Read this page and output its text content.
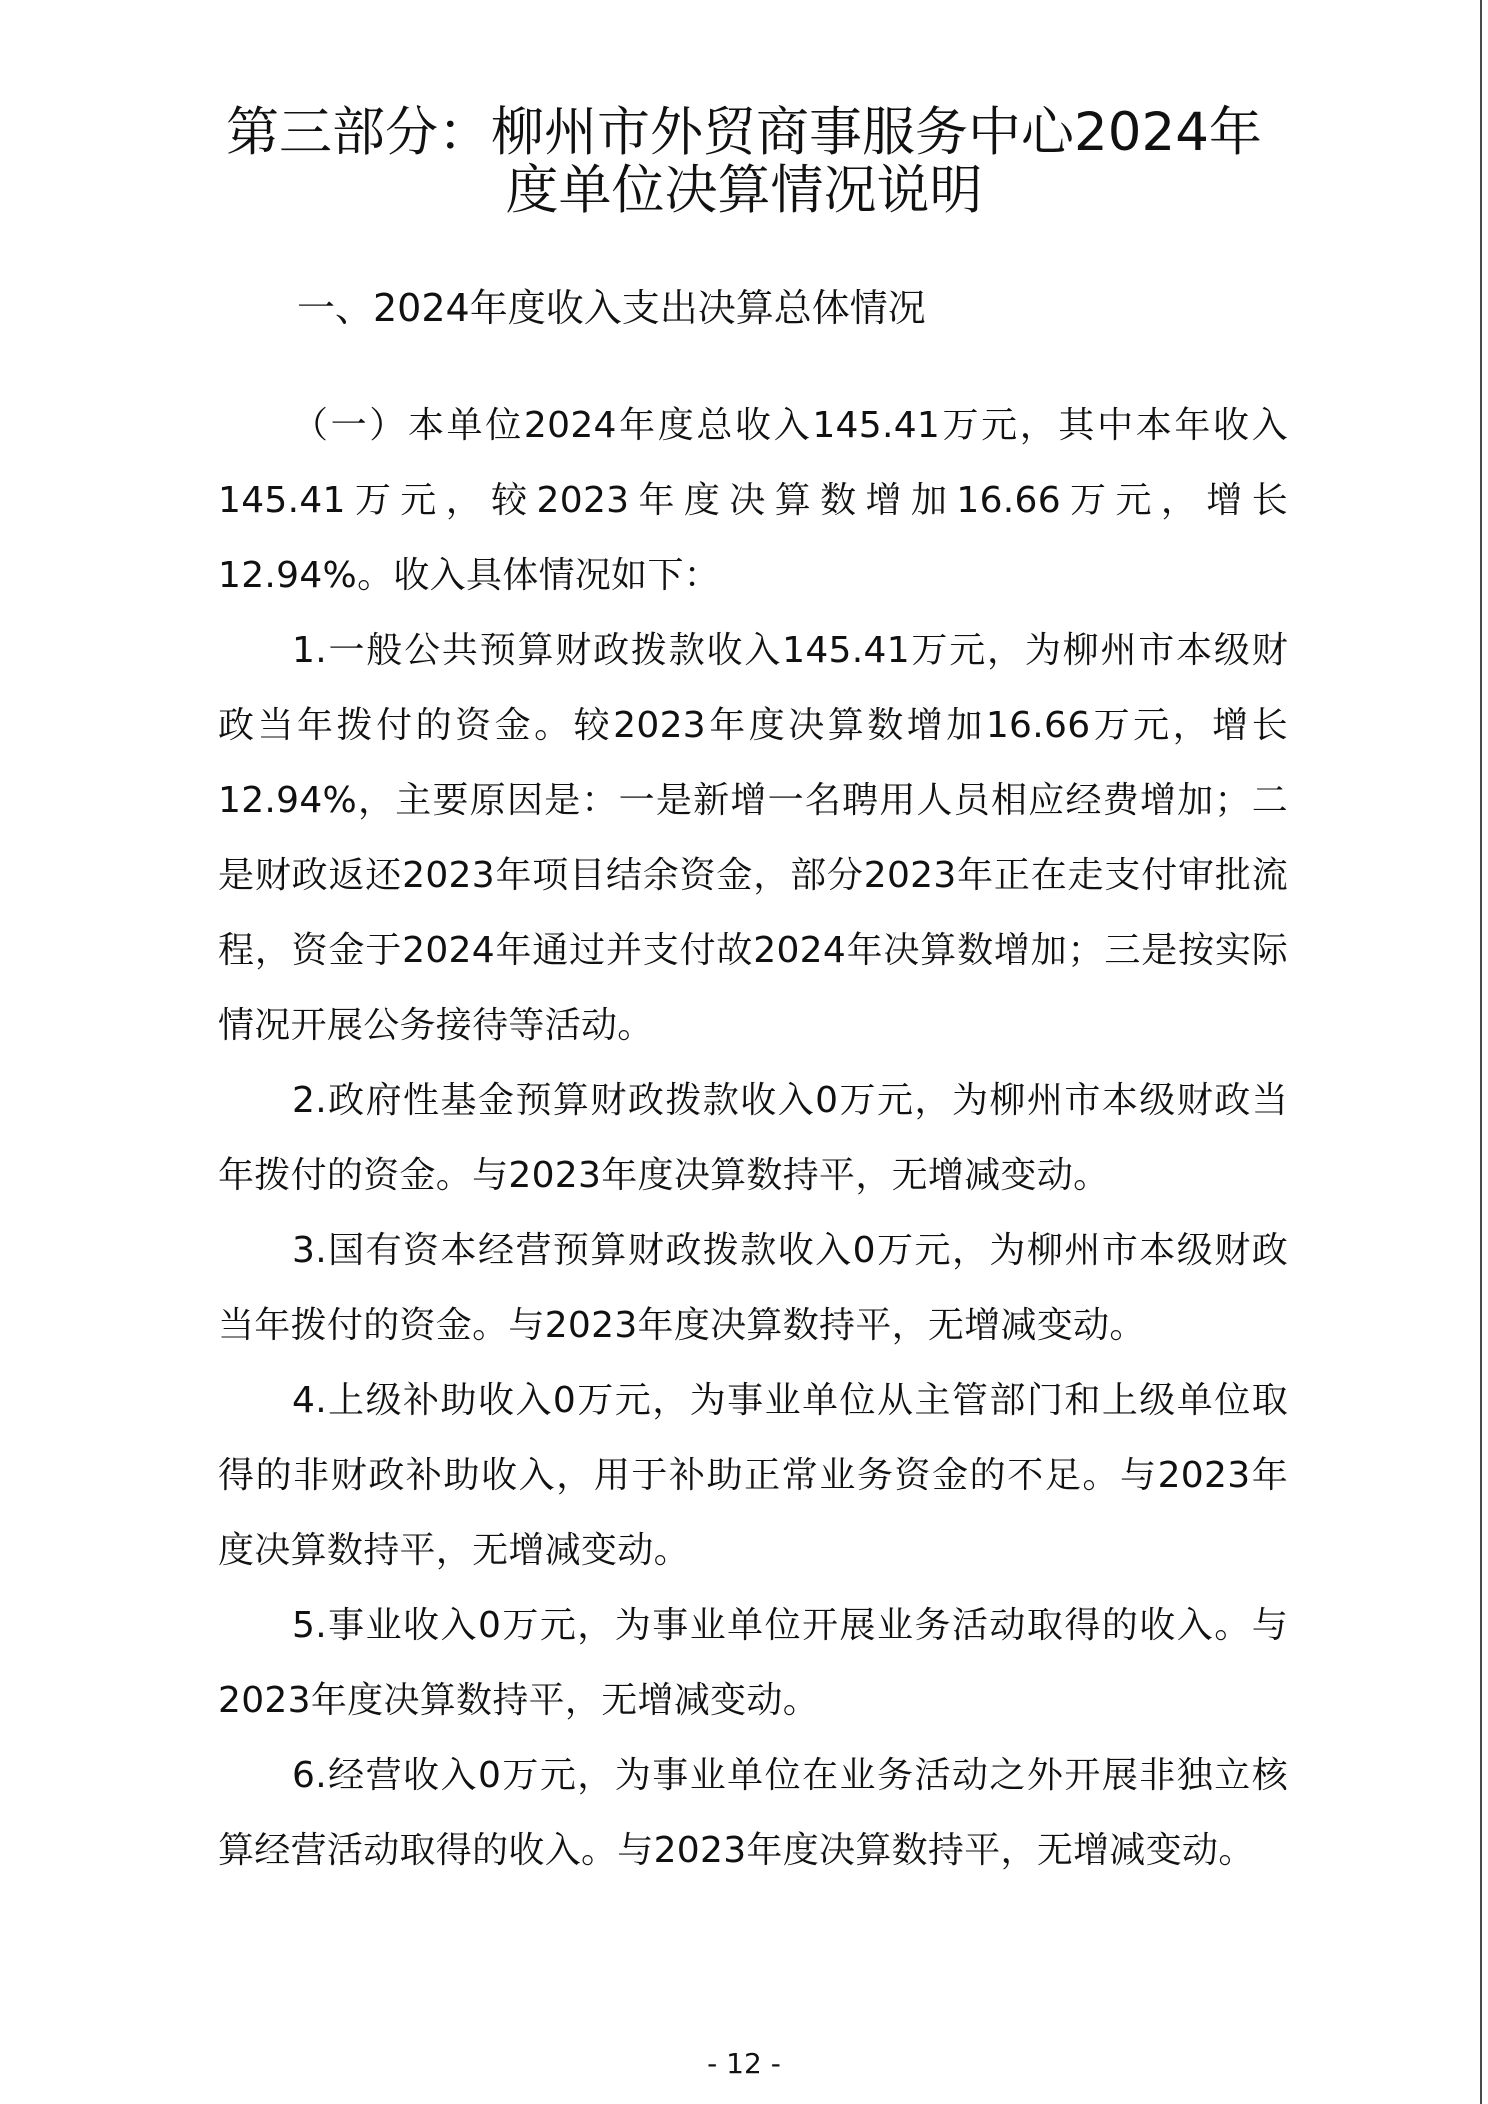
第三部分：柳州市外贸商事服务中心2024年
度单位决算情况说明
一、2024年度收入支出决算总体情况

（一）本单位2024年度总收入145.41万元，其中本年收入145.41万元，较2023年度决算数增加16.66万元，增长12.94%。收入具体情况如下：

1.一般公共预算财政拨款收入145.41万元，为柳州市本级财政当年拨付的资金。较2023年度决算数增加16.66万元，增长12.94%，主要原因是：一是新增一名聘用人员相应经费增加；二是财政返还2023年项目结余资金，部分2023年正在走支付审批流程，资金于2024年通过并支付故2024年决算数增加；三是按实际情况开展公务接待等活动。

2.政府性基金预算财政拨款收入0万元，为柳州市本级财政当年拨付的资金。与2023年度决算数持平，无增减变动。

3.国有资本经营预算财政拨款收入0万元，为柳州市本级财政当年拨付的资金。与2023年度决算数持平，无增减变动。

4.上级补助收入0万元，为事业单位从主管部门和上级单位取得的非财政补助收入，用于补助正常业务资金的不足。与2023年度决算数持平，无增减变动。

5.事业收入0万元，为事业单位开展业务活动取得的收入。与2023年度决算数持平，无增减变动。

6.经营收入0万元，为事业单位在业务活动之外开展非独立核算经营活动取得的收入。与2023年度决算数持平，无增减变动。

- 12 -
